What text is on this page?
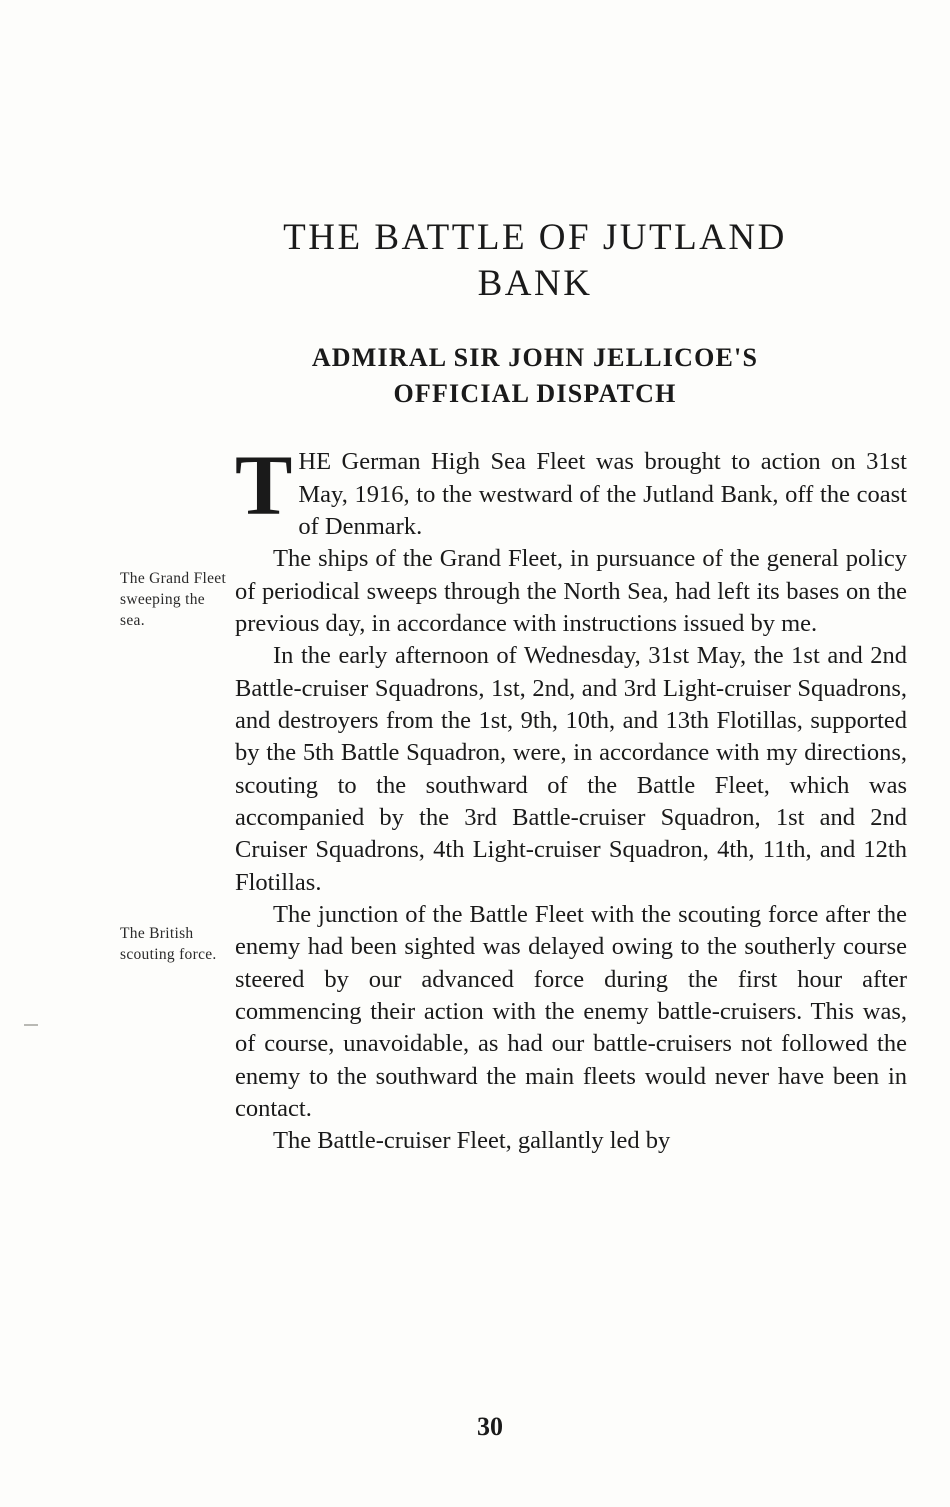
THE BATTLE OF JUTLAND
BANK
ADMIRAL SIR JOHN JELLICOE'S
OFFICIAL DISPATCH
The Grand Fleet sweeping the sea.
The British scouting force.

THE German High Sea Fleet was brought to action on 31st May, 1916, to the westward of the Jutland Bank, off the coast of Denmark.

The ships of the Grand Fleet, in pursuance of the general policy of periodical sweeps through the North Sea, had left its bases on the previous day, in accordance with instructions issued by me.

In the early afternoon of Wednesday, 31st May, the 1st and 2nd Battle-cruiser Squadrons, 1st, 2nd, and 3rd Light-cruiser Squadrons, and destroyers from the 1st, 9th, 10th, and 13th Flotillas, supported by the 5th Battle Squadron, were, in accordance with my directions, scouting to the southward of the Battle Fleet, which was accompanied by the 3rd Battle-cruiser Squadron, 1st and 2nd Cruiser Squadrons, 4th Light-cruiser Squadron, 4th, 11th, and 12th Flotillas.

The junction of the Battle Fleet with the scouting force after the enemy had been sighted was delayed owing to the southerly course steered by our advanced force during the first hour after commencing their action with the enemy battle-cruisers. This was, of course, unavoidable, as had our battle-cruisers not followed the enemy to the southward the main fleets would never have been in contact.

The Battle-cruiser Fleet, gallantly led by

30
